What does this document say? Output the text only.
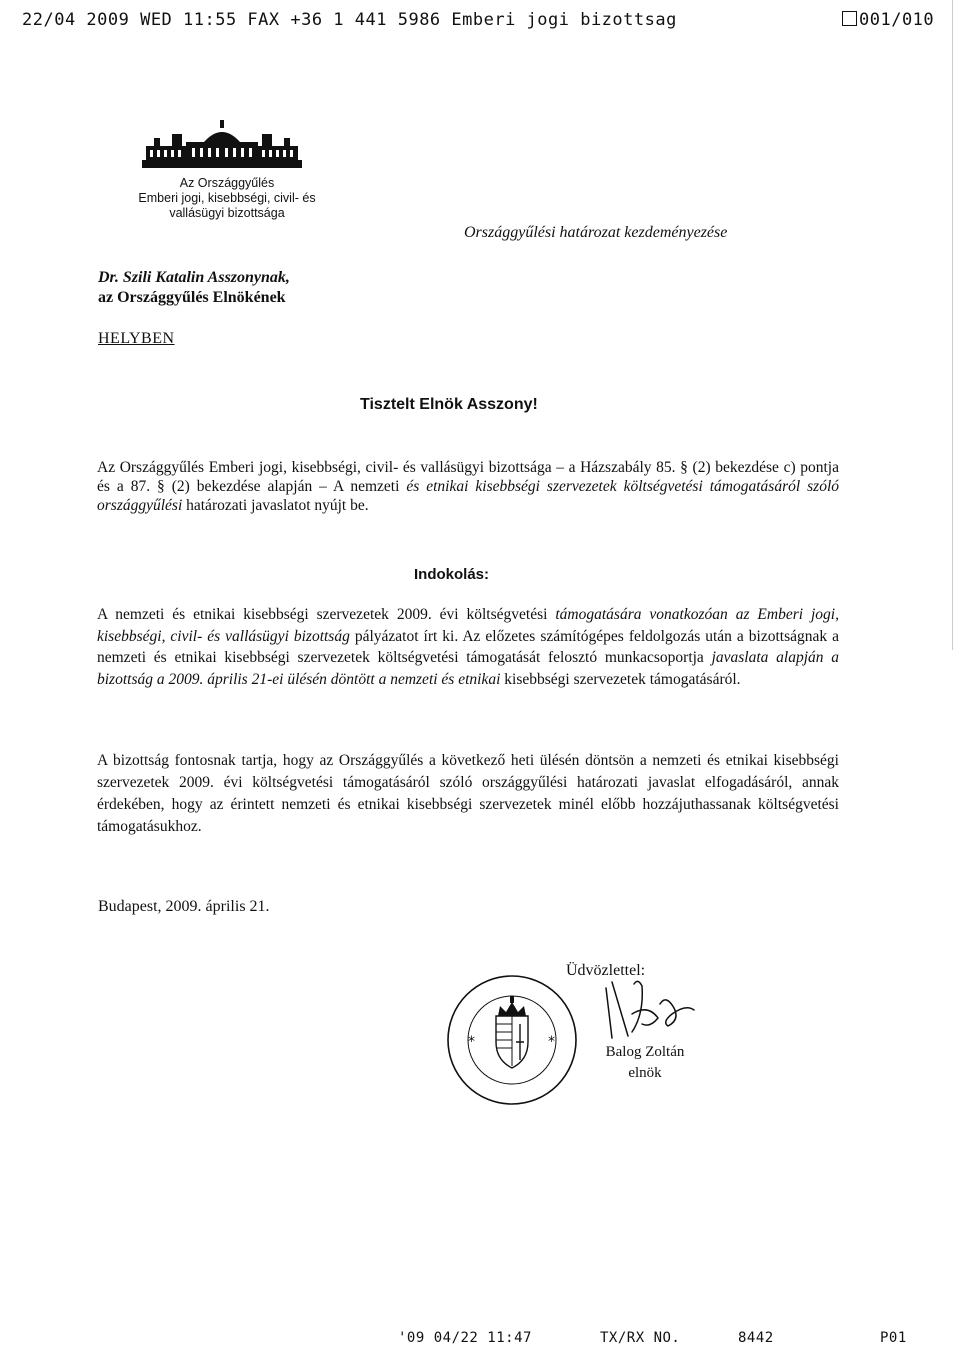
22/04 2009 WED 11:55 FAX +36 1 441 5986 Emberi jogi bizottsag	001/010
Az Országgyűlés
Emberi jogi, kisebbségi, civil- és
vallásügyi bizottsága
Országgyűlési határozat kezdeményezése
Dr. Szili Katalin Asszonynak,
az Országgyűlés Elnökének
HELYBEN
Tisztelt Elnök Asszony!
Az Országgyűlés Emberi jogi, kisebbségi, civil- és vallásügyi bizottsága – a Házszabály 85. § (2) bekezdése c) pontja és a 87. § (2) bekezdése alapján – A nemzeti és etnikai kisebbségi szervezetek költségvetési támogatásáról szóló országgyűlési határozati javaslatot nyújt be.
Indokolás:
A nemzeti és etnikai kisebbségi szervezetek 2009. évi költségvetési támogatására vonatkozóan az Emberi jogi, kisebbségi, civil- és vallásügyi bizottság pályázatot írt ki. Az előzetes számítógépes feldolgozás után a bizottságnak a nemzeti és etnikai kisebbségi szervezetek költségvetési támogatását felosztó munkacsoportja javaslata alapján a bizottság a 2009. április 21-ei ülésén döntött a nemzeti és etnikai kisebbségi szervezetek támogatásáról.
A bizottság fontosnak tartja, hogy az Országgyűlés a következő heti ülésén döntsön a nemzeti és etnikai kisebbségi szervezetek 2009. évi költségvetési támogatásáról szóló országgyűlési határozati javaslat elfogadásáról, annak érdekében, hogy az érintett nemzeti és etnikai kisebbségi szervezetek minél előbb hozzájuthassanak költségvetési támogatásukhoz.
Budapest, 2009. április 21.
Üdvözlettel:
*	*
Balog Zoltán
elnök
'09 04/22 11:47	TX/RX NO.	8442	P01
